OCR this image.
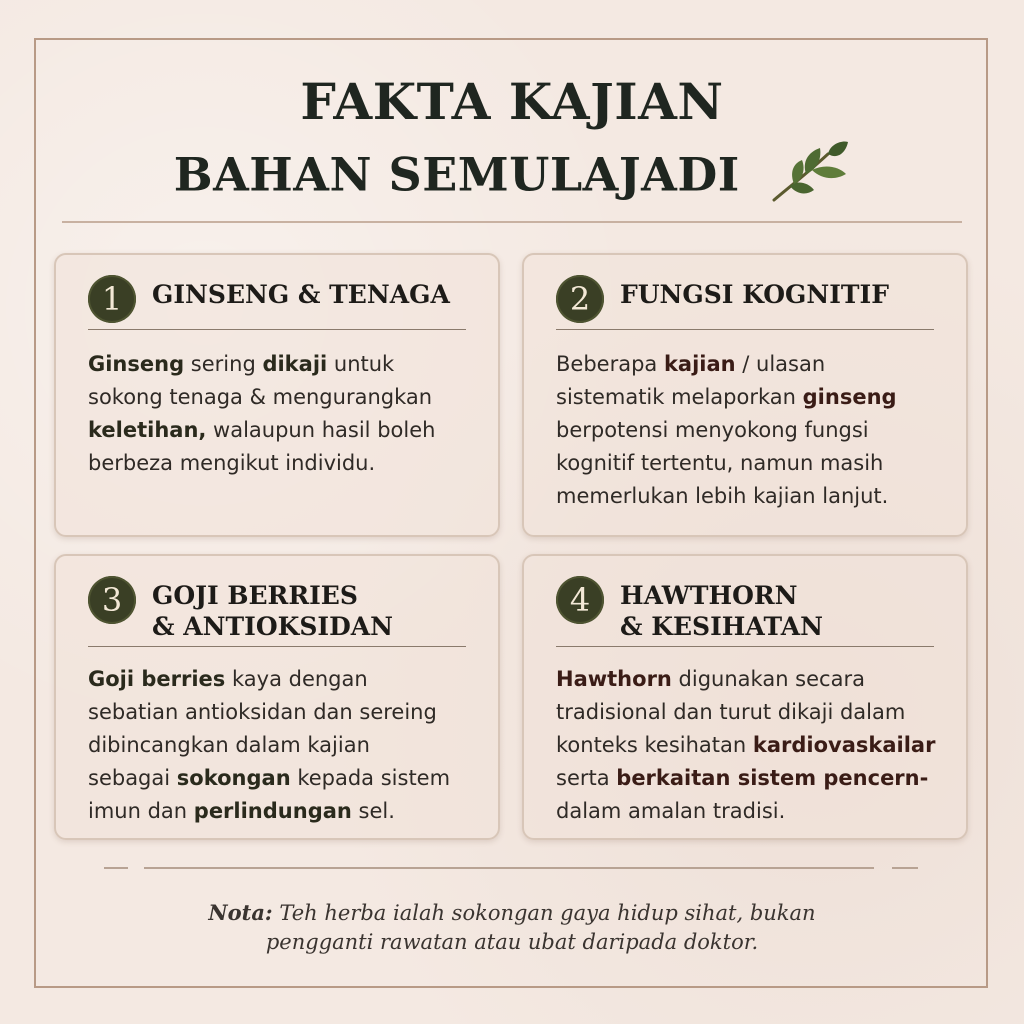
FAKTA KAJIAN
BAHAN SEMULAJADI
1	GINSENG & TENAGA
Ginseng sering dikaji untuk
sokong tenaga & mengurangkan
keletihan, walaupun hasil boleh
berbeza mengikut individu.
2	FUNGSI KOGNITIF
Beberapa kajian / ulasan
sistematik melaporkan ginseng
berpotensi menyokong fungsi
kognitif tertentu, namun masih
memerlukan lebih kajian lanjut.
3	GOJI BERRIES
& ANTIOKSIDAN
Goji berries kaya dengan
sebatian antioksidan dan sereing
dibincangkan dalam kajian
sebagai sokongan kepada sistem
imun dan perlindungan sel.
4	HAWTHORN
& KESIHATAN
Hawthorn digunakan secara
tradisional dan turut dikaji dalam
konteks kesihatan kardiovaskailar
serta berkaitan sistem pencern-
dalam amalan tradisi.
Nota: Teh herba ialah sokongan gaya hidup sihat, bukan
pengganti rawatan atau ubat daripada doktor.
